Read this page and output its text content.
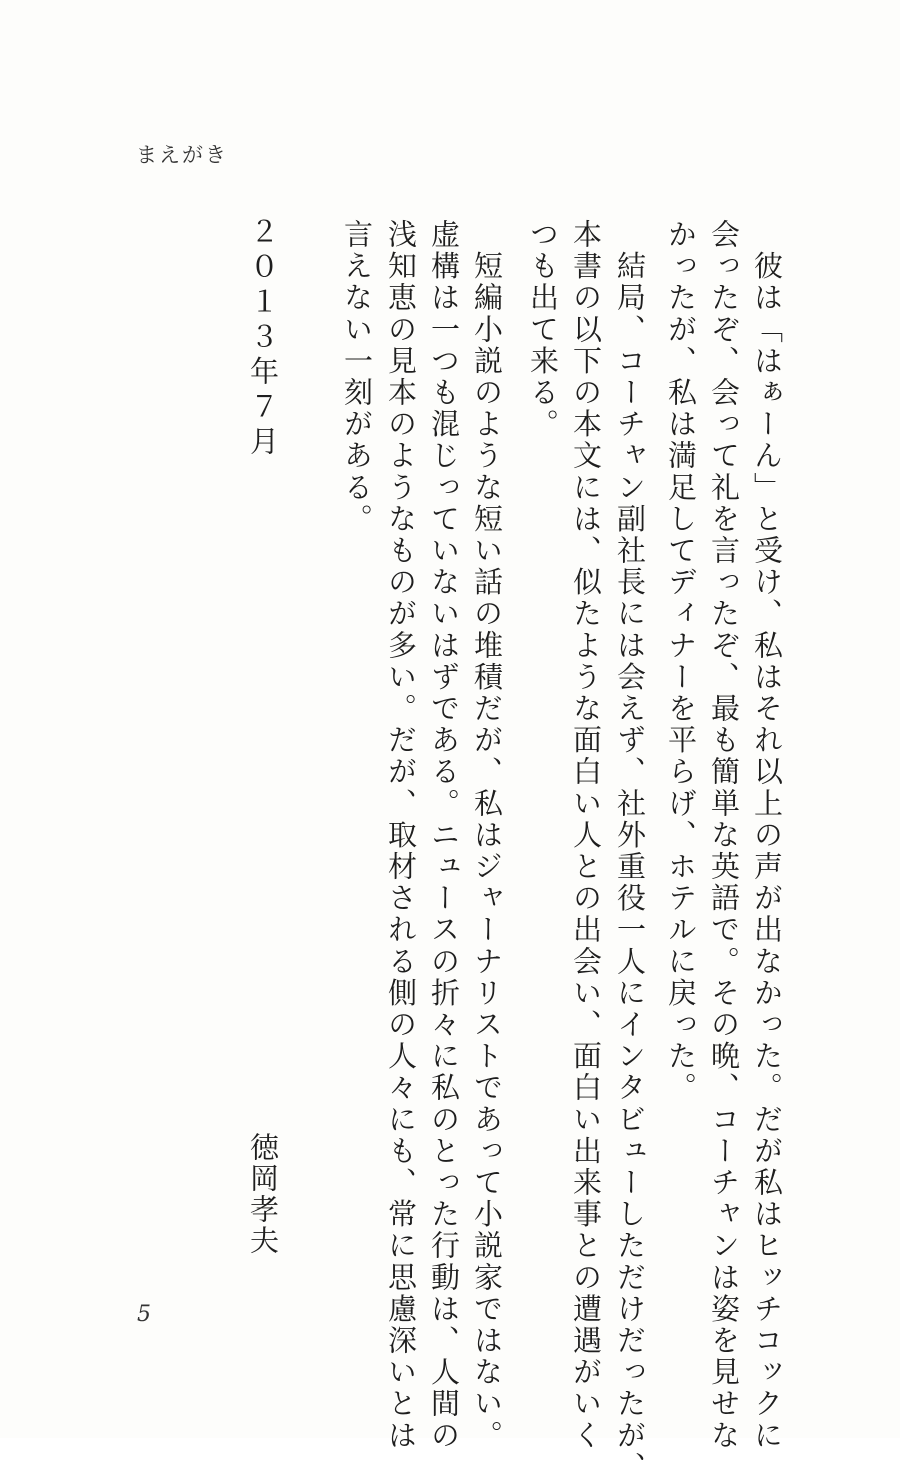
まえがき
　彼は「はぁーん」と受け、私はそれ以上の声が出なかった。だが私はヒッチコックに
会ったぞ、会って礼を言ったぞ、最も簡単な英語で。その晩、コーチャンは姿を見せな
かったが、私は満足してディナーを平らげ、ホテルに戻った。
　結局、コーチャン副社長には会えず、社外重役一人にインタビューしただけだったが、
本書の以下の本文には、似たような面白い人との出会い、面白い出来事との遭遇がいく
つも出て来る。
　短編小説のような短い話の堆積だが、私はジャーナリストであって小説家ではない。
虚構は一つも混じっていないはずである。ニュースの折々に私のとった行動は、人間の
浅知恵の見本のようなものが多い。だが、取材される側の人々にも、常に思慮深いとは
言えない一刻がある。
２０１３年７月
徳岡孝夫
5
